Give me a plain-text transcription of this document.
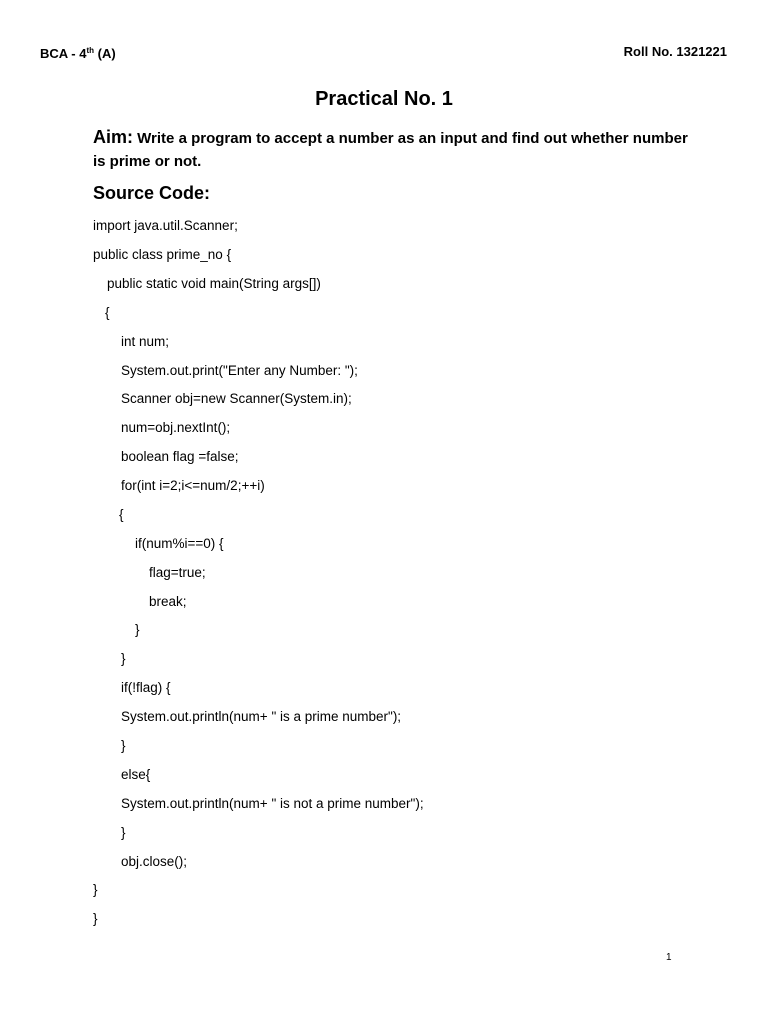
BCA - 4th (A)	Roll No. 1321221
Practical No. 1
Aim: Write a program to accept a number as an input and find out whether number is prime or not.
Source Code:
import java.util.Scanner;
public class prime_no {
public static void main(String args[])
{
int num;
System.out.print("Enter any Number: ");
Scanner obj=new Scanner(System.in);
num=obj.nextInt();
boolean flag =false;
for(int i=2;i<=num/2;++i)
{
if(num%i==0) {
flag=true;
break;
}
}
if(!flag) {
System.out.println(num+ " is a prime number");
}
else{
System.out.println(num+ " is not a prime number");
}
obj.close();
}
}
1
